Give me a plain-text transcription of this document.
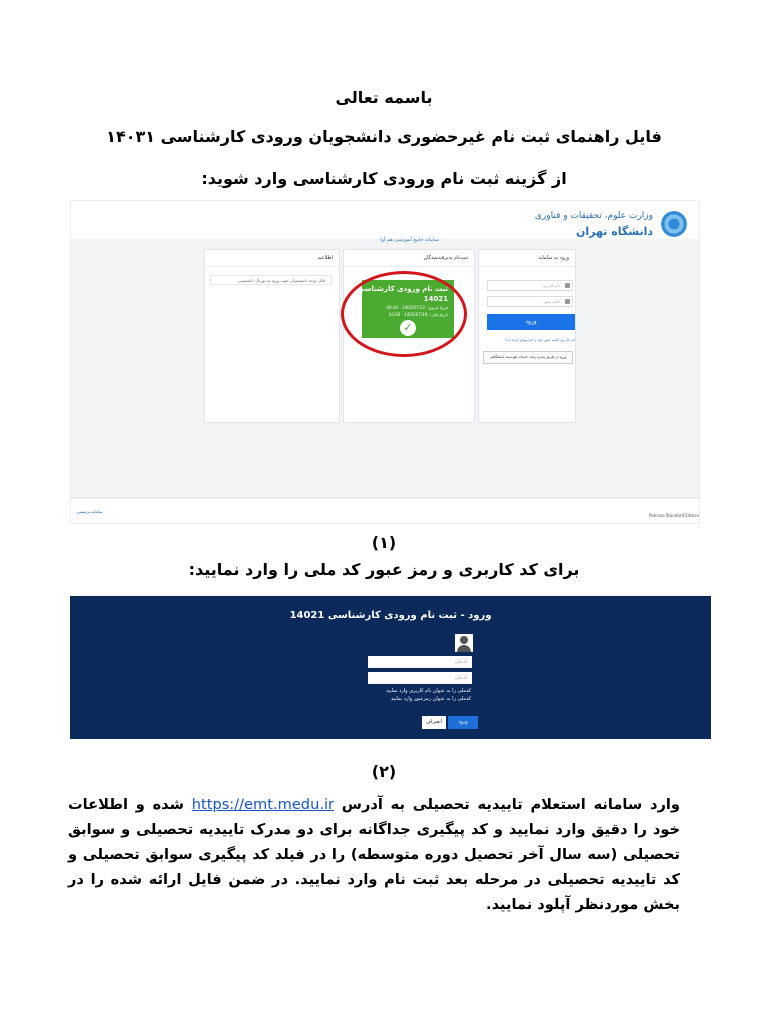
باسمه تعالی
فایل راهنمای ثبت نام غیرحضوری دانشجویان ورودی کارشناسی ۱۴۰۳۱
از گزینه ثبت نام ورودی کارشناسی وارد شوید:
وزارت علوم، تحقیقات و فناوری
دانشگاه تهران
سامانه جامع آموزشی هم آوا
ورود به سامانه
نام کاربری
کلمه عبور
ورود
نام کاربری/کلمه عبور خود را فراموش کرده اید؟
ورود از طریق پنجره واحد خدمات هوشمند دانشگاهی
ثبت‌نام پذیرفته‌شدگان
ثبت نام ورودی کارشناسی
14021
تاریخ شروع : 1402/07/12 - 08:30
تاریخ پایان : 1402/07/19 - 16:00
✓
اطلاعیه
قابل توجه دانشجویان جهت ورود به پورتال دانشجویی
سامانه پرسیس
Pamsoo Standard Edition
(۱)
برای کد کاربری و رمز عبور کد ملی را وارد نمایید:
ورود - ثبت نام ورودی کارشناسی 14021
کدملی
کدملی
کدملی را به عنوان نام کاربری وارد نمایید
کدملی را به عنوان رمزعبور وارد نمایید
ورود
انصراف
(۲)
وارد سامانه استعلام تاییدیه تحصیلی به آدرس https://emt.medu.ir شده و اطلاعات خود را دقیق وارد نمایید و کد پیگیری جداگانه برای دو مدرک تاییدیه تحصیلی و سوابق تحصیلی (سه سال آخر تحصیل دوره متوسطه) را در فیلد کد پیگیری سوابق تحصیلی و کد تاییدیه تحصیلی در مرحله بعد ثبت نام وارد نمایید. در ضمن فایل ارائه شده را در بخش موردنظر آپلود نمایید.
